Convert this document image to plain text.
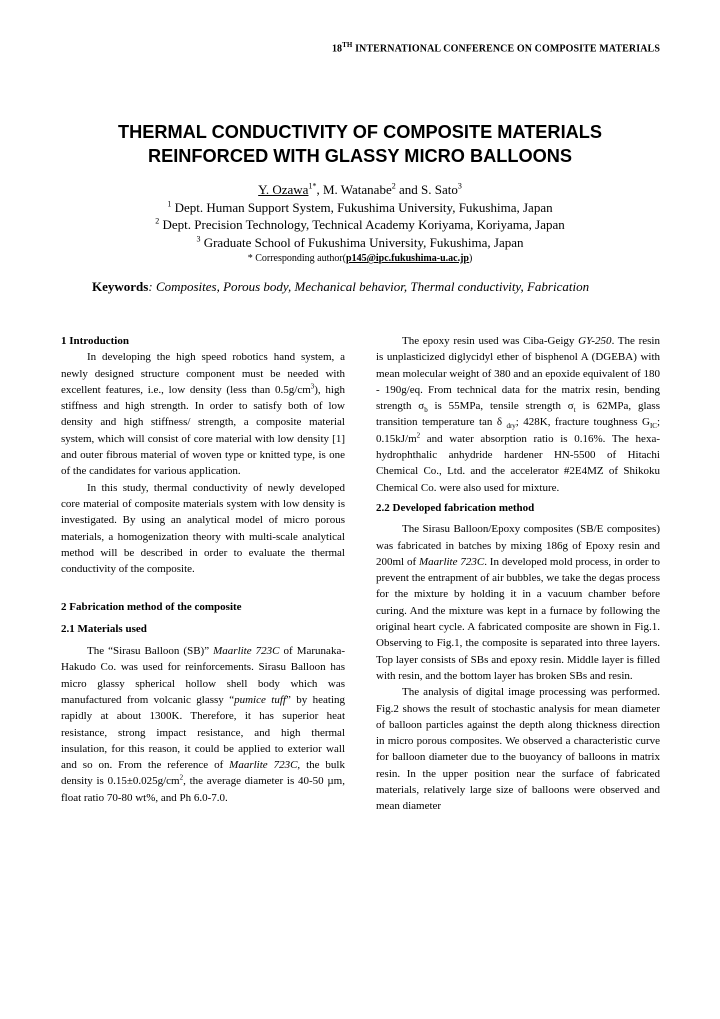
18TH INTERNATIONAL CONFERENCE ON COMPOSITE MATERIALS
THERMAL CONDUCTIVITY OF COMPOSITE MATERIALS
REINFORCED WITH GLASSY MICRO BALLOONS
Y. Ozawa$^{1*}$, M. Watanabe$^2$ and S. Sato$^3$
$^1$ Dept. Human Support System, Fukushima University, Fukushima, Japan
$^2$ Dept. Precision Technology, Technical Academy Koriyama, Koriyama, Japan
$^3$ Graduate School of Fukushima University, Fukushima, Japan
* Corresponding author(p145@ipc.fukushima-u.ac.jp)
Keywords: Composites, Porous body, Mechanical behavior, Thermal conductivity, Fabrication
1 Introduction

In developing the high speed robotics hand system, a newly designed structure component must be needed with excellent features, i.e., low density (less than $0.5g/cm^3$), high stiffness and high strength. In order to satisfy both of low density and high stiffness/ strength, a composite material system, which will consist of core material with low density [1] and outer fibrous material of woven type or knitted type, is one of the candidates for various application.

In this study, thermal conductivity of newly developed core material of composite materials system with low density is investigated. By using an analytical model of micro porous materials, a homogenization theory with multi-scale analytical method will be described in order to evaluate the thermal conductivity of the composite.

2 Fabrication method of the composite
2.1 Materials used

The “Sirasu Balloon (SB)” Maarlite 723C of Marunaka-Hakudo Co. was used for reinforcements. Sirasu Balloon has micro glassy spherical hollow shell body which was manufactured from volcanic glassy “pumice tuff” by heating rapidly at about 1300K. Therefore, it has superior heat resistance, strong impact resistance, and high thermal insulation, for this reason, it could be applied to exterior wall and so on. From the reference of Maarlite 723C, the bulk density is $0.15\pm 0.025g/cm^2$, the average diameter is 40-50 µm, float ratio 70-80 wt%, and Ph 6.0-7.0.

The epoxy resin used was Ciba-Geigy GY-250. The resin is unplasticized diglycidyl ether of bisphenol A (DGEBA) with mean molecular weight of 380 and an epoxide equivalent of 180 - 190g/eq. From technical data for the matrix resin, bending strength $\sigma_b$ is 55MPa, tensile strength $\sigma_t$ is 62MPa, glass transition temperature tan δ $_{dry}$; 428K, fracture toughness $G_{IC}$; $0.15kJ/m^2$ and water absorption ratio is 0.16%. The hexa-hydrophthalic anhydride hardener HN-5500 of Hitachi Chemical Co., Ltd. and the accelerator #2E4MZ of Shikoku Chemical Co. were also used for mixture.

2.2 Developed fabrication method

The Sirasu Balloon/Epoxy composites (SB/E composites) was fabricated in batches by mixing 186g of Epoxy resin and 200ml of Maarlite 723C. In developed mold process, in order to prevent the entrapment of air bubbles, we take the degas process for the mixture by holding it in a vacuum chamber before curing. And the mixture was kept in a furnace by following the original heart cycle. A fabricated composite are shown in Fig.1. Observing to Fig.1, the composite is separated into three layers. Top layer consists of SBs and epoxy resin. Middle layer is filled with resin, and the bottom layer has broken SBs and resin.

The analysis of digital image processing was performed. Fig.2 shows the result of stochastic analysis for mean diameter of balloon particles against the depth along thickness direction in micro porous composites. We observed a characteristic curve for balloon diameter due to the buoyancy of balloons in matrix resin. In the upper position near the surface of fabricated materials, relatively large size of balloons were observed and mean diameter
